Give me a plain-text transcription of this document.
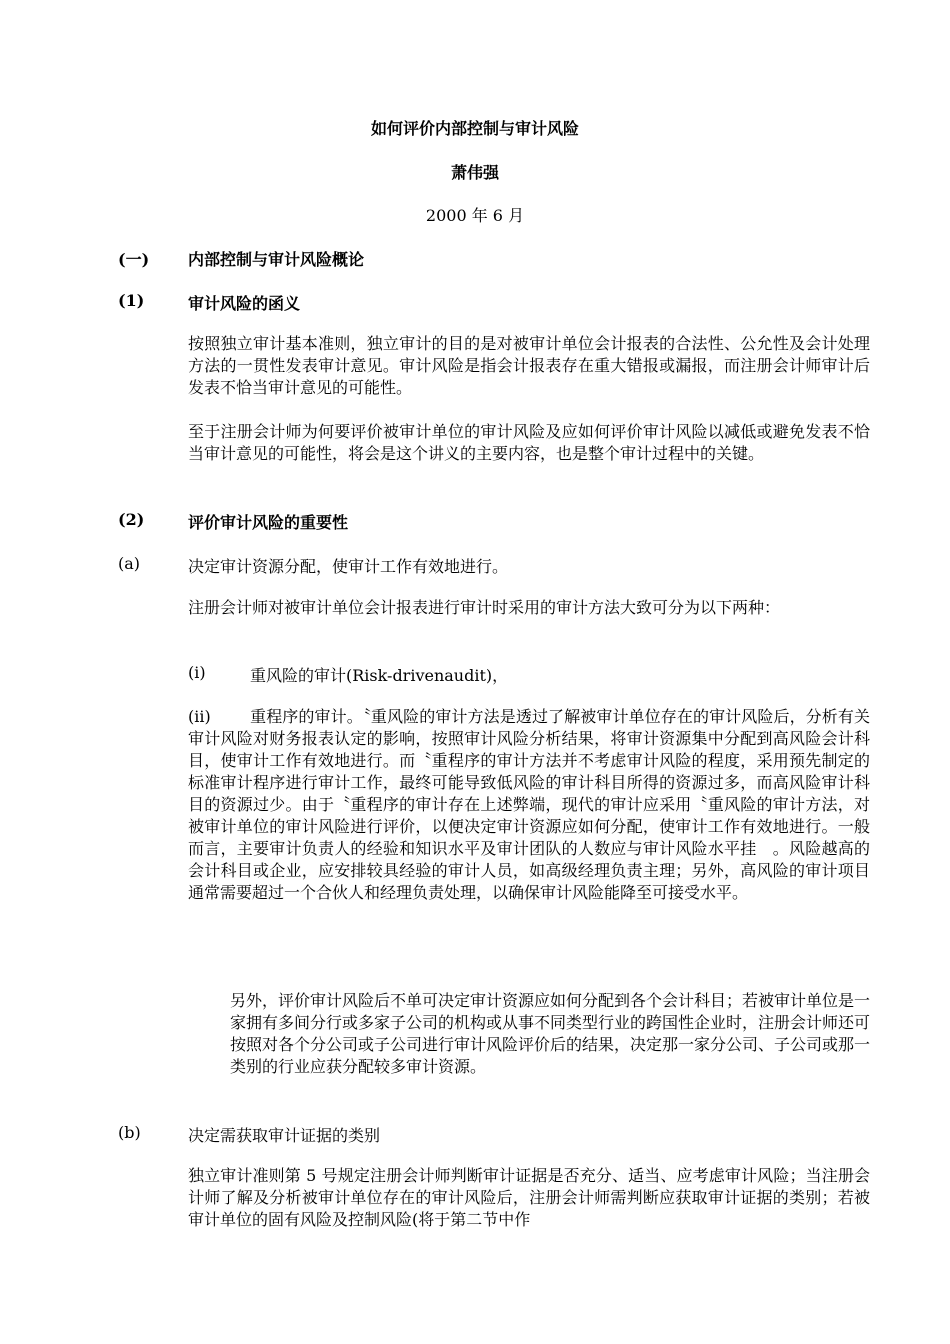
如何评价内部控制与审计风险
萧伟强
2000 年 6 月
(一) 内部控制与审计风险概论
(1)	审计风险的函义
按照独立审计基本准则，独立审计的目的是对被审计单位会计报表的合法性、公允性及会计处理方法的一贯性发表审计意见。审计风险是指会计报表存在重大错报或漏报，而注册会计师审计后发表不恰当审计意见的可能性。
至于注册会计师为何要评价被审计单位的审计风险及应如何评价审计风险以减低或避免发表不恰当审计意见的可能性，将会是这个讲义的主要内容，也是整个审计过程中的关键。
(2)	评价审计风险的重要性
(a)	决定审计资源分配，使审计工作有效地进行。
注册会计师对被审计单位会计报表进行审计时采用的审计方法大致可分为以下两种：
(i)	重风险的审计(Risk-drivenaudit)，
(ii) 重程序的审计。〝重风险的审计方法是透过了解被审计单位存在的审计风险后，分析有关审计风险对财务报表认定的影响，按照审计风险分析结果，将审计资源集中分配到高风险会计科目，使审计工作有效地进行。而〝重程序的审计方法并不考虑审计风险的程度，采用预先制定的标准审计程序进行审计工作，最终可能导致低风险的审计科目所得的资源过多，而高风险审计科目的资源过少。由于〝重程序的审计存在上述弊端，现代的审计应采用〝重风险的审计方法，对被审计单位的审计风险进行评价，以便决定审计资源应如何分配，使审计工作有效地进行。一般而言，主要审计负责人的经验和知识水平及审计团队的人数应与审计风险水平挂　。风险越高的会计科目或企业，应安排较具经验的审计人员，如高级经理负责主理；另外，高风险的审计项目通常需要超过一个合伙人和经理负责处理，以确保审计风险能降至可接受水平。
另外，评价审计风险后不单可决定审计资源应如何分配到各个会计科目；若被审计单位是一家拥有多间分行或多家子公司的机构或从事不同类型行业的跨国性企业时，注册会计师还可按照对各个分公司或子公司进行审计风险评价后的结果，决定那一家分公司、子公司或那一类别的行业应获分配较多审计资源。
(b)	决定需获取审计证据的类别
独立审计准则第 5 号规定注册会计师判断审计证据是否充分、适当、应考虑审计风险；当注册会计师了解及分析被审计单位存在的审计风险后，注册会计师需判断应获取审计证据的类别；若被审计单位的固有风险及控制风险(将于第二节中作
